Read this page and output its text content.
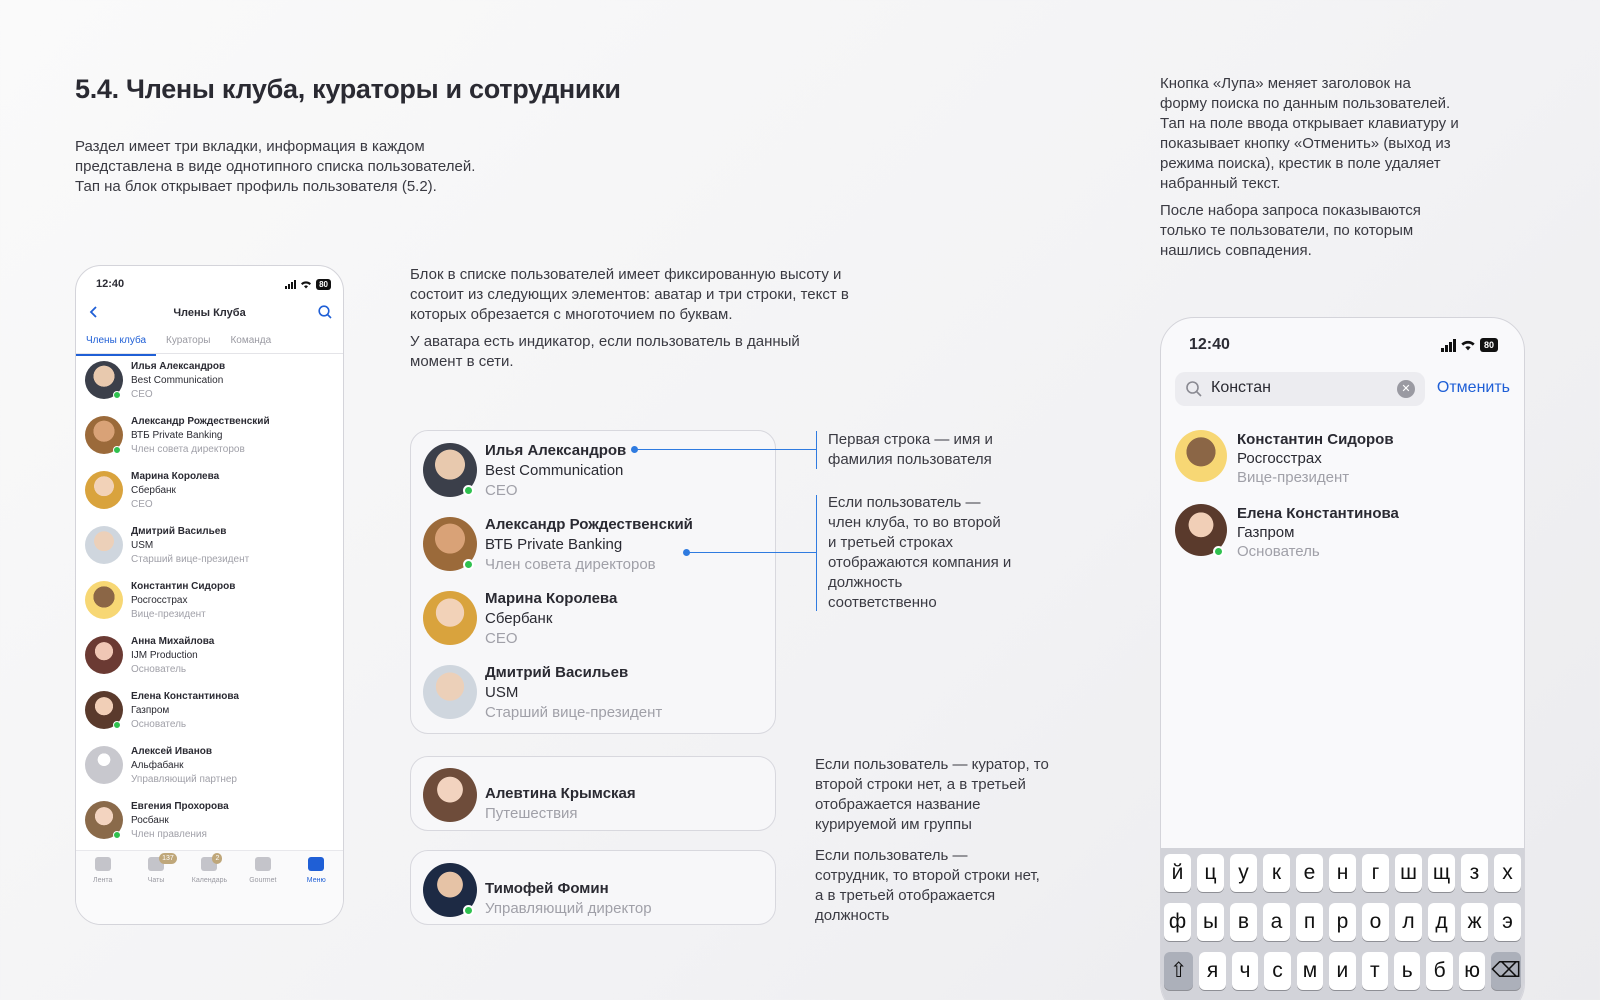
5.4. Члены клуба, кураторы и сотрудники
Раздел имеет три вкладки, информация в каждом
представлена в виде однотипного списка пользователей.
Тап на блок открывает профиль пользователя (5.2).

Блок в списке пользователей имеет фиксированную высоту и состоит из следующих элементов: аватар и три строки, текст в которых обрезается с многоточием по буквам.

У аватара есть индикатор, если пользователь в данный момент в сети.

Кнопка «Лупа» меняет заголовок на форму поиска по данным пользователей. Тап на поле ввода открывает клавиатуру и показывает кнопку «Отменить» (выход из режима поиска), крестик в поле удаляет набранный текст.

После набора запроса показываются только те пользователи, по которым нашлись совпадения.

12:40	80
Члены Клуба
Члены клуба	Кураторы	Команда
Илья Александров
Best Communication
CEO
Александр Рождественский
ВТБ Private Banking
Член совета директоров
Марина Королева
Сбербанк
CEO
Дмитрий Васильев
USM
Старший вице-президент
Константин Сидоров
Росгосстрах
Вице-президент
Анна Михайлова
IJM Production
Основатель
Елена Константинова
Газпром
Основатель
Алексей Иванов
Альфабанк
Управляющий партнер
Евгения Прохорова
Росбанк
Член правления
Лента
137
Чаты
2
Календарь	Gourmet	Меню
Илья Александров
Best Communication
CEO
Александр Рождественский
ВТБ Private Banking
Член совета директоров
Марина Королева
Сбербанк
CEO
Дмитрий Васильев
USM
Старший вице-президент
Алевтина Крымская
Путешествия
Тимофей Фомин
Управляющий директор
Первая строка — имя и фамилия пользователя
Если пользователь — член клуба, то во второй и третьей строках отображаются компания и должность соответственно
Если пользователь — куратор, то второй строки нет, а в третьей отображается название курируемой им группы
Если пользователь — сотрудник, то второй строки нет, а в третьей отображается должность
12:40	80
Констан	✕ Отменить
Константин Сидоров
Росгосстрах
Вице-президент
Елена Константинова
Газпром
Основатель
й	ц	у	к	е	н	г ш щ з	х
ф ы в	а	п	р	о	л д ж э
⇧ я	ч	с м и	т	ь б ю ⌫
